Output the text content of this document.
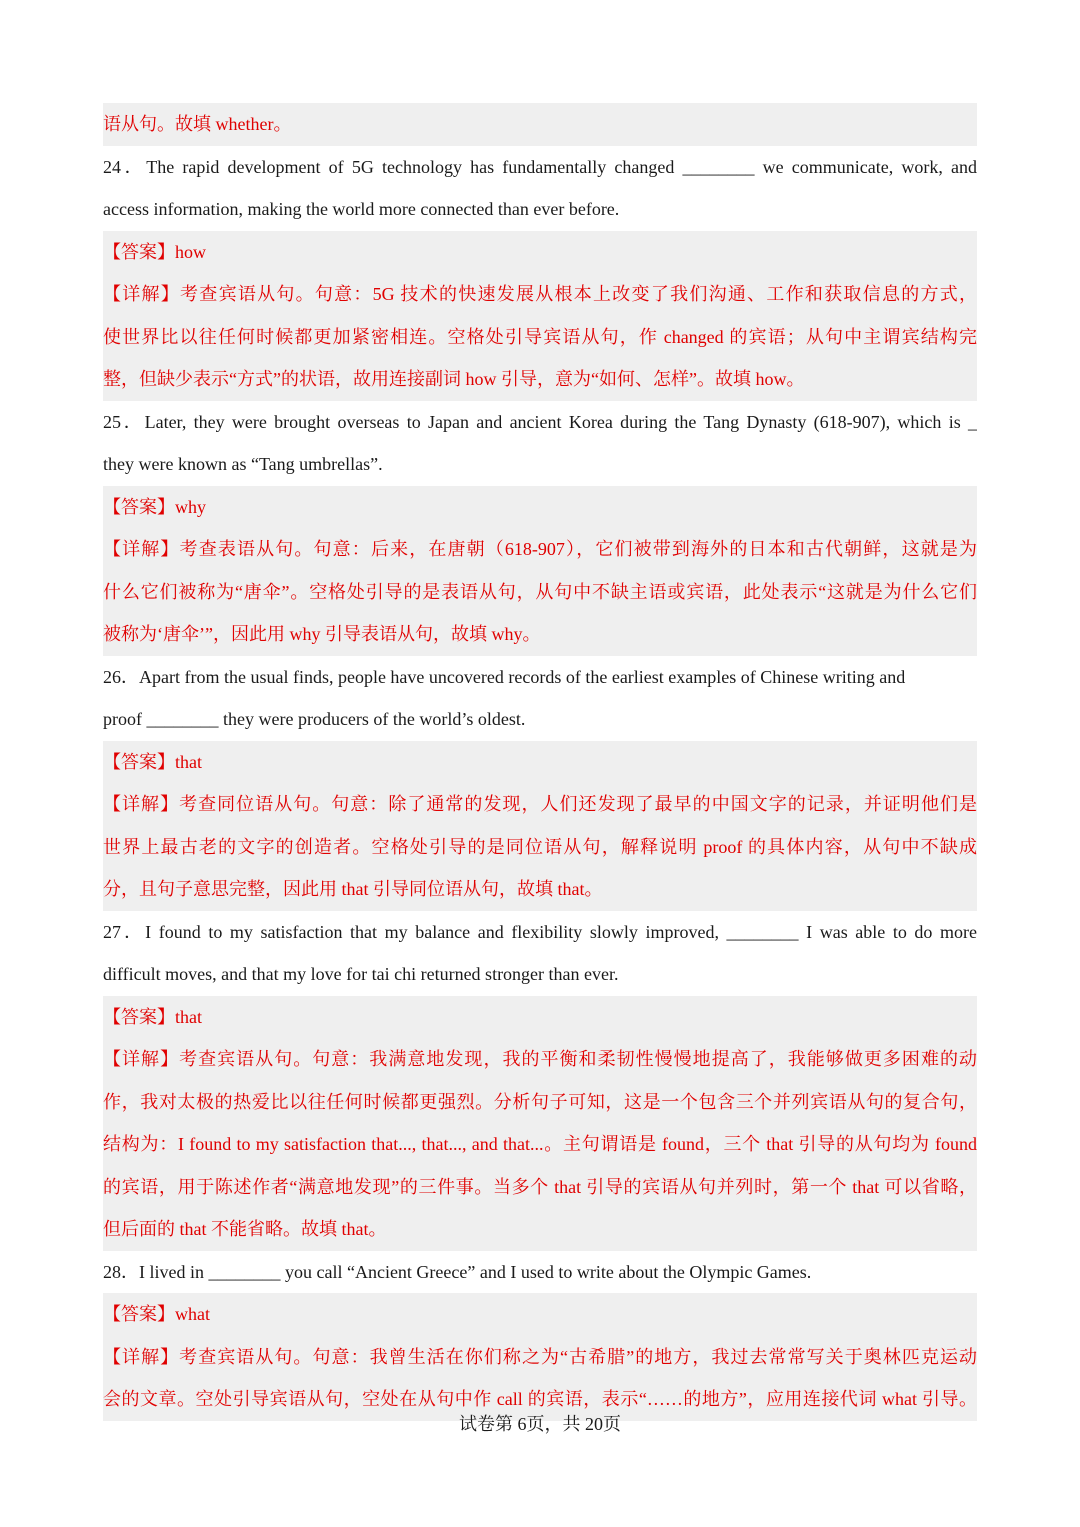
语从句。故填 whether。
24．The rapid development of 5G technology has fundamentally changed ________ we communicate, work, and
access information, making the world more connected than ever before.
【答案】how
【详解】考查宾语从句。句意：5G 技术的快速发展从根本上改变了我们沟通、工作和获取信息的方式，
使世界比以往任何时候都更加紧密相连。空格处引导宾语从句，作 changed 的宾语；从句中主谓宾结构完
整，但缺少表示“方式”的状语，故用连接副词 how 引导，意为“如何、怎样”。故填 how。
25．Later, they were brought overseas to Japan and ancient Korea during the Tang Dynasty (618-907), which is _
they were known as “Tang umbrellas”.
【答案】why
【详解】考查表语从句。句意：后来，在唐朝（618-907），它们被带到海外的日本和古代朝鲜，这就是为
什么它们被称为“唐伞”。空格处引导的是表语从句，从句中不缺主语或宾语，此处表示“这就是为什么它们
被称为‘唐伞’”，因此用 why 引导表语从句，故填 why。
26．Apart from the usual finds, people have uncovered records of the earliest examples of Chinese writing and
proof ________ they were producers of the world’s oldest.
【答案】that
【详解】考查同位语从句。句意：除了通常的发现，人们还发现了最早的中国文字的记录，并证明他们是
世界上最古老的文字的创造者。空格处引导的是同位语从句，解释说明 proof 的具体内容，从句中不缺成
分，且句子意思完整，因此用 that 引导同位语从句，故填 that。
27．I found to my satisfaction that my balance and flexibility slowly improved, ________ I was able to do more
difficult moves, and that my love for tai chi returned stronger than ever.
【答案】that
【详解】考查宾语从句。句意：我满意地发现，我的平衡和柔韧性慢慢地提高了，我能够做更多困难的动
作，我对太极的热爱比以往任何时候都更强烈。分析句子可知，这是一个包含三个并列宾语从句的复合句，
结构为：I found to my satisfaction that..., that..., and that...。主句谓语是 found，三个 that 引导的从句均为 found
的宾语，用于陈述作者“满意地发现”的三件事。当多个 that 引导的宾语从句并列时，第一个 that 可以省略，
但后面的 that 不能省略。故填 that。
28．I lived in ________ you call “Ancient Greece” and I used to write about the Olympic Games.
【答案】what
【详解】考查宾语从句。句意：我曾生活在你们称之为“古希腊”的地方，我过去常常写关于奥林匹克运动
会的文章。空处引导宾语从句，空处在从句中作 call 的宾语，表示“……的地方”，应用连接代词 what 引导。
试卷第 6页，共 20页
